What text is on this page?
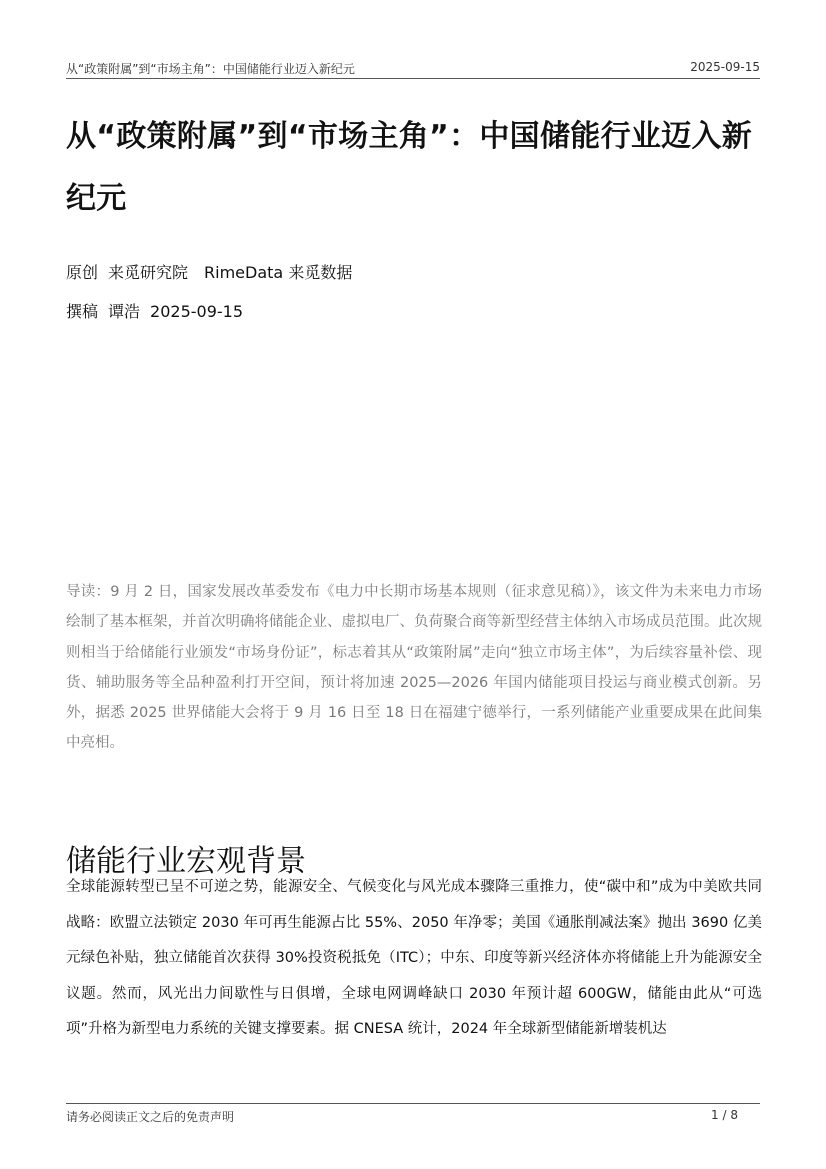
从“政策附属”到“市场主角”：中国储能行业迈入新纪元	2025-09-15
从“政策附属”到“市场主角”：中国储能行业迈入新纪元
原创 来觅研究院 RimeData 来觅数据
撰稿 谭浩 2025-09-15
导读：9 月 2 日，国家发展改革委发布《电力中长期市场基本规则（征求意见稿）》，该文件为未来电力市场绘制了基本框架，并首次明确将储能企业、虚拟电厂、负荷聚合商等新型经营主体纳入市场成员范围。此次规则相当于给储能行业颁发“市场身份证”，标志着其从“政策附属”走向“独立市场主体”，为后续容量补偿、现货、辅助服务等全品种盈利打开空间，预计将加速 2025—2026 年国内储能项目投运与商业模式创新。另外，据悉 2025 世界储能大会将于 9 月 16 日至 18 日在福建宁德举行，一系列储能产业重要成果在此间集中亮相。
储能行业宏观背景
全球能源转型已呈不可逆之势，能源安全、气候变化与风光成本骤降三重推力，使“碳中和”成为中美欧共同战略：欧盟立法锁定 2030 年可再生能源占比 55%、2050 年净零；美国《通胀削减法案》抛出 3690 亿美元绿色补贴，独立储能首次获得 30%投资税抵免（ITC）；中东、印度等新兴经济体亦将储能上升为能源安全议题。然而，风光出力间歇性与日俱增，全球电网调峰缺口 2030 年预计超 600GW，储能由此从“可选项”升格为新型电力系统的关键支撑要素。据 CNESA 统计，2024 年全球新型储能新增装机达
请务必阅读正文之后的免责声明	1 / 8
